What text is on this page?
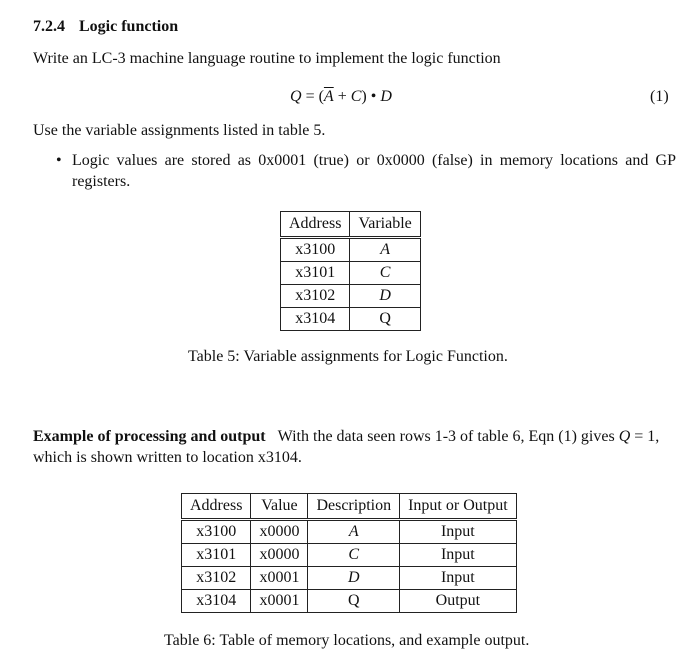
7.2.4 Logic function
Write an LC-3 machine language routine to implement the logic function
$Q = (\overline{A} + C)$ • D	(1)
Use the variable assignments listed in table 5.
• Logic values are stored as 0x0001 (true) or 0x0000 (false) in memory locations and GP registers.
Address	Variable
x3100	A
x3101	C
x3102	D
x3104	Q
Table 5: Variable assignments for Logic Function.
Example of processing and output With the data seen rows 1-3 of table 6, Eqn (1) gives Q = 1, which is shown written to location x3104.
Address	Value	Description	Input or Output
x3100	x0000	A	Input
x3101	x0000	C	Input
x3102	x0001	D	Input
x3104	x0001	Q	Output
Table 6: Table of memory locations, and example output.
